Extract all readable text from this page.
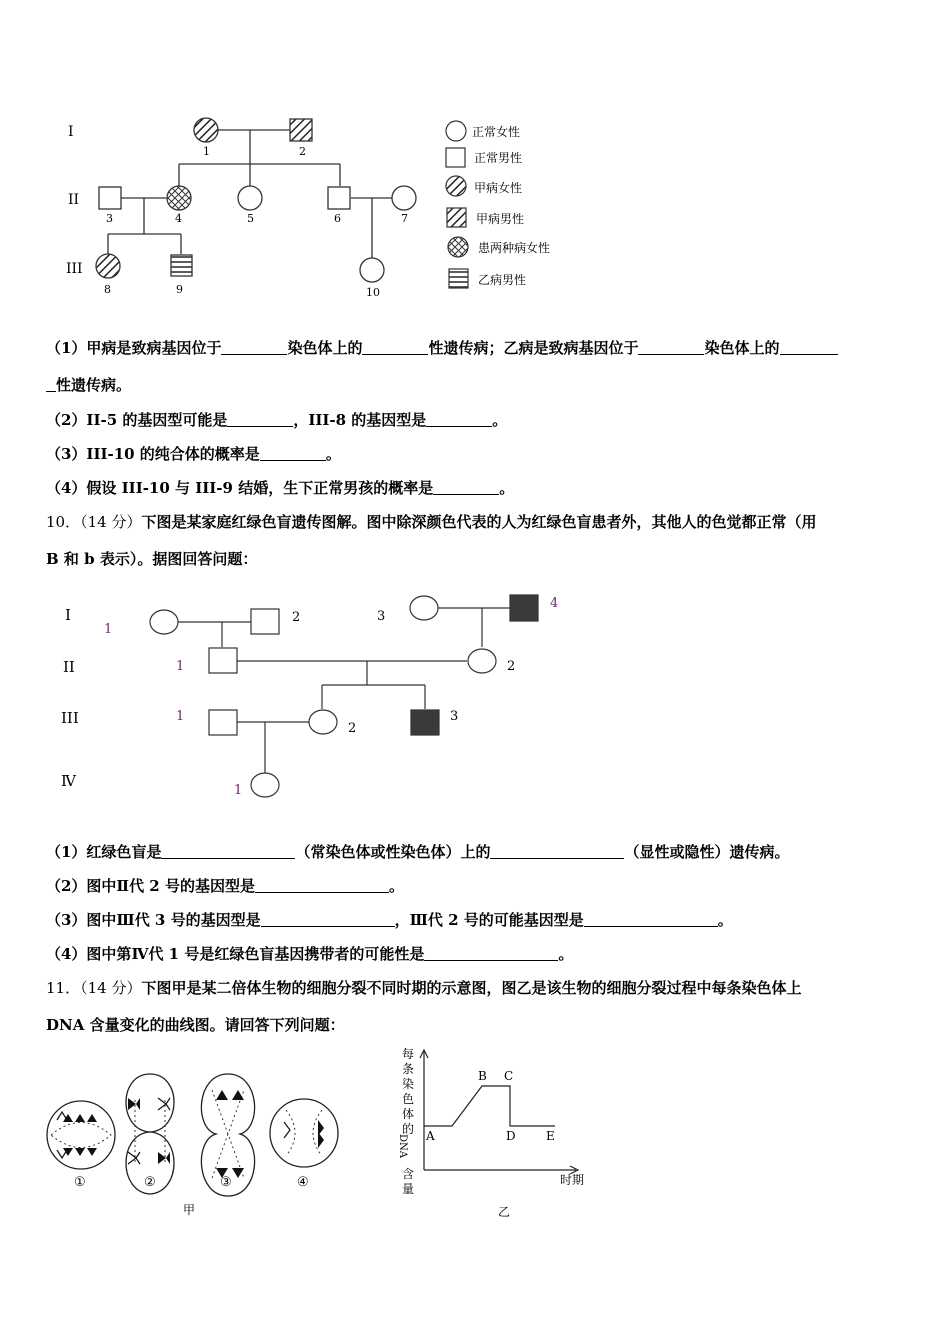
I
II
III
1	2
3	4	5	6	7
8	9	10
正常女性
正常男性
甲病女性
甲病男性
患两种病女性
乙病男性
（1）甲病是致病基因位于	染色体上的	性遗传病；乙病是致病基因位于	染色体上的
性遗传病。
（2）II-5 的基因型可能是	，III-8 的基因型是	。
（3）III-10 的纯合体的概率是	。
（4）假设 III-10 与 III-9 结婚，生下正常男孩的概率是	。
10．（14 分）下图是某家庭红绿色盲遗传图解。图中除深颜色代表的人为红绿色盲患者外，其他人的色觉都正常（用
B 和 b 表示）。据图回答问题：
I
II
III
Ⅳ
1
2	3
4
1	2
1
2
3
1
（1）红绿色盲是	（常染色体或性染色体）上的	（显性或隐性）遗传病。
（2）图中Ⅱ代 2 号的基因型是	。
（3）图中Ⅲ代 3 号的基因型是	，Ⅲ代 2 号的可能基因型是	。
（4）图中第Ⅳ代 1 号是红绿色盲基因携带者的可能性是	。
11．（14 分）下图甲是某二倍体生物的细胞分裂不同时期的示意图，图乙是该生物的细胞分裂过程中每条染色体上
DNA 含量变化的曲线图。请回答下列问题：
①	②	③	④
甲
每
条
染
色
体
的
DNA
含
量
时期
A
B C
D	E
乙
